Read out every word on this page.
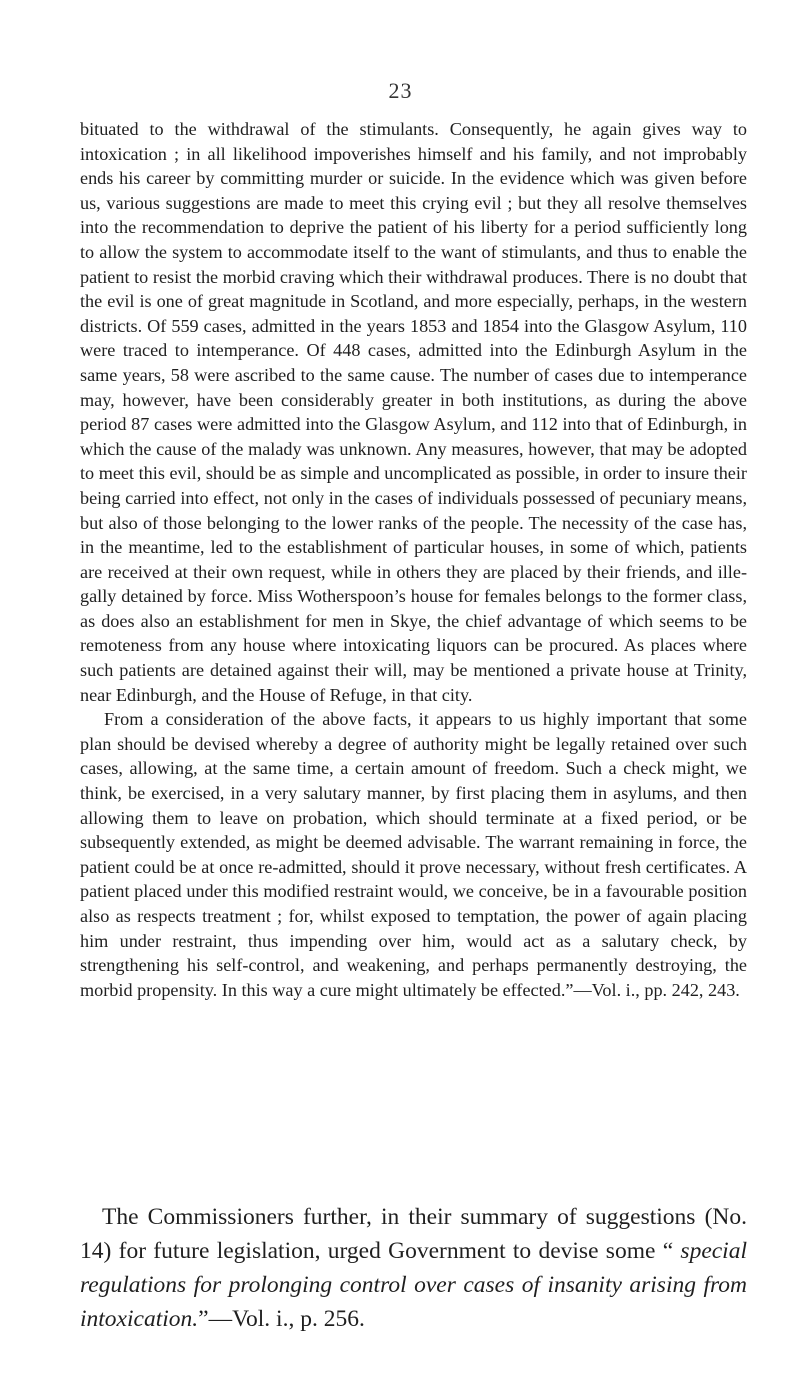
23

bituated to the withdrawal of the stimulants. Consequently, he again gives way to intoxication ; in all likelihood impoverishes himself and his family, and not improbably ends his career by committing murder or suicide. In the evidence which was given before us, various suggestions are made to meet this crying evil ; but they all resolve themselves into the recommendation to deprive the patient of his liberty for a period sufficiently long to allow the system to accommodate itself to the want of stimulants, and thus to enable the patient to resist the morbid craving which their withdrawal produces. There is no doubt that the evil is one of great magnitude in Scotland, and more especially, perhaps, in the western districts. Of 559 cases, admitted in the years 1853 and 1854 into the Glasgow Asylum, 110 were traced to intemperance. Of 448 cases, admitted into the Edinburgh Asylum in the same years, 58 were ascribed to the same cause. The number of cases due to intemperance may, however, have been considerably greater in both institutions, as during the above period 87 cases were admitted into the Glasgow Asylum, and 112 into that of Edinburgh, in which the cause of the malady was unknown. Any measures, however, that may be adopted to meet this evil, should be as simple and uncomplicated as possible, in order to insure their being carried into effect, not only in the cases of individuals possessed of pecuniary means, but also of those belonging to the lower ranks of the people. The necessity of the case has, in the meantime, led to the establishment of particular houses, in some of which, patients are received at their own request, while in others they are placed by their friends, and illegally detained by force. Miss Wotherspoon’s house for females belongs to the former class, as does also an establishment for men in Skye, the chief advantage of which seems to be remoteness from any house where intoxicating liquors can be procured. As places where such patients are detained against their will, may be mentioned a private house at Trinity, near Edinburgh, and the House of Refuge, in that city.

From a consideration of the above facts, it appears to us highly important that some plan should be devised whereby a degree of authority might be legally retained over such cases, allowing, at the same time, a certain amount of freedom. Such a check might, we think, be exercised, in a very salutary manner, by first placing them in asylums, and then allowing them to leave on probation, which should terminate at a fixed period, or be subsequently extended, as might be deemed advisable. The warrant remaining in force, the patient could be at once re-admitted, should it prove necessary, without fresh certificates. A patient placed under this modified restraint would, we conceive, be in a favourable position also as respects treatment ; for, whilst exposed to temptation, the power of again placing him under restraint, thus impending over him, would act as a salutary check, by strengthening his self-control, and weakening, and perhaps permanently destroying, the morbid propensity. In this way a cure might ultimately be effected.”—Vol. i., pp. 242, 243.

The Commissioners further, in their summary of suggestions (No. 14) for future legislation, urged Government to devise some “ special regulations for prolonging control over cases of insanity arising from intoxication.”—Vol. i., p. 256.
